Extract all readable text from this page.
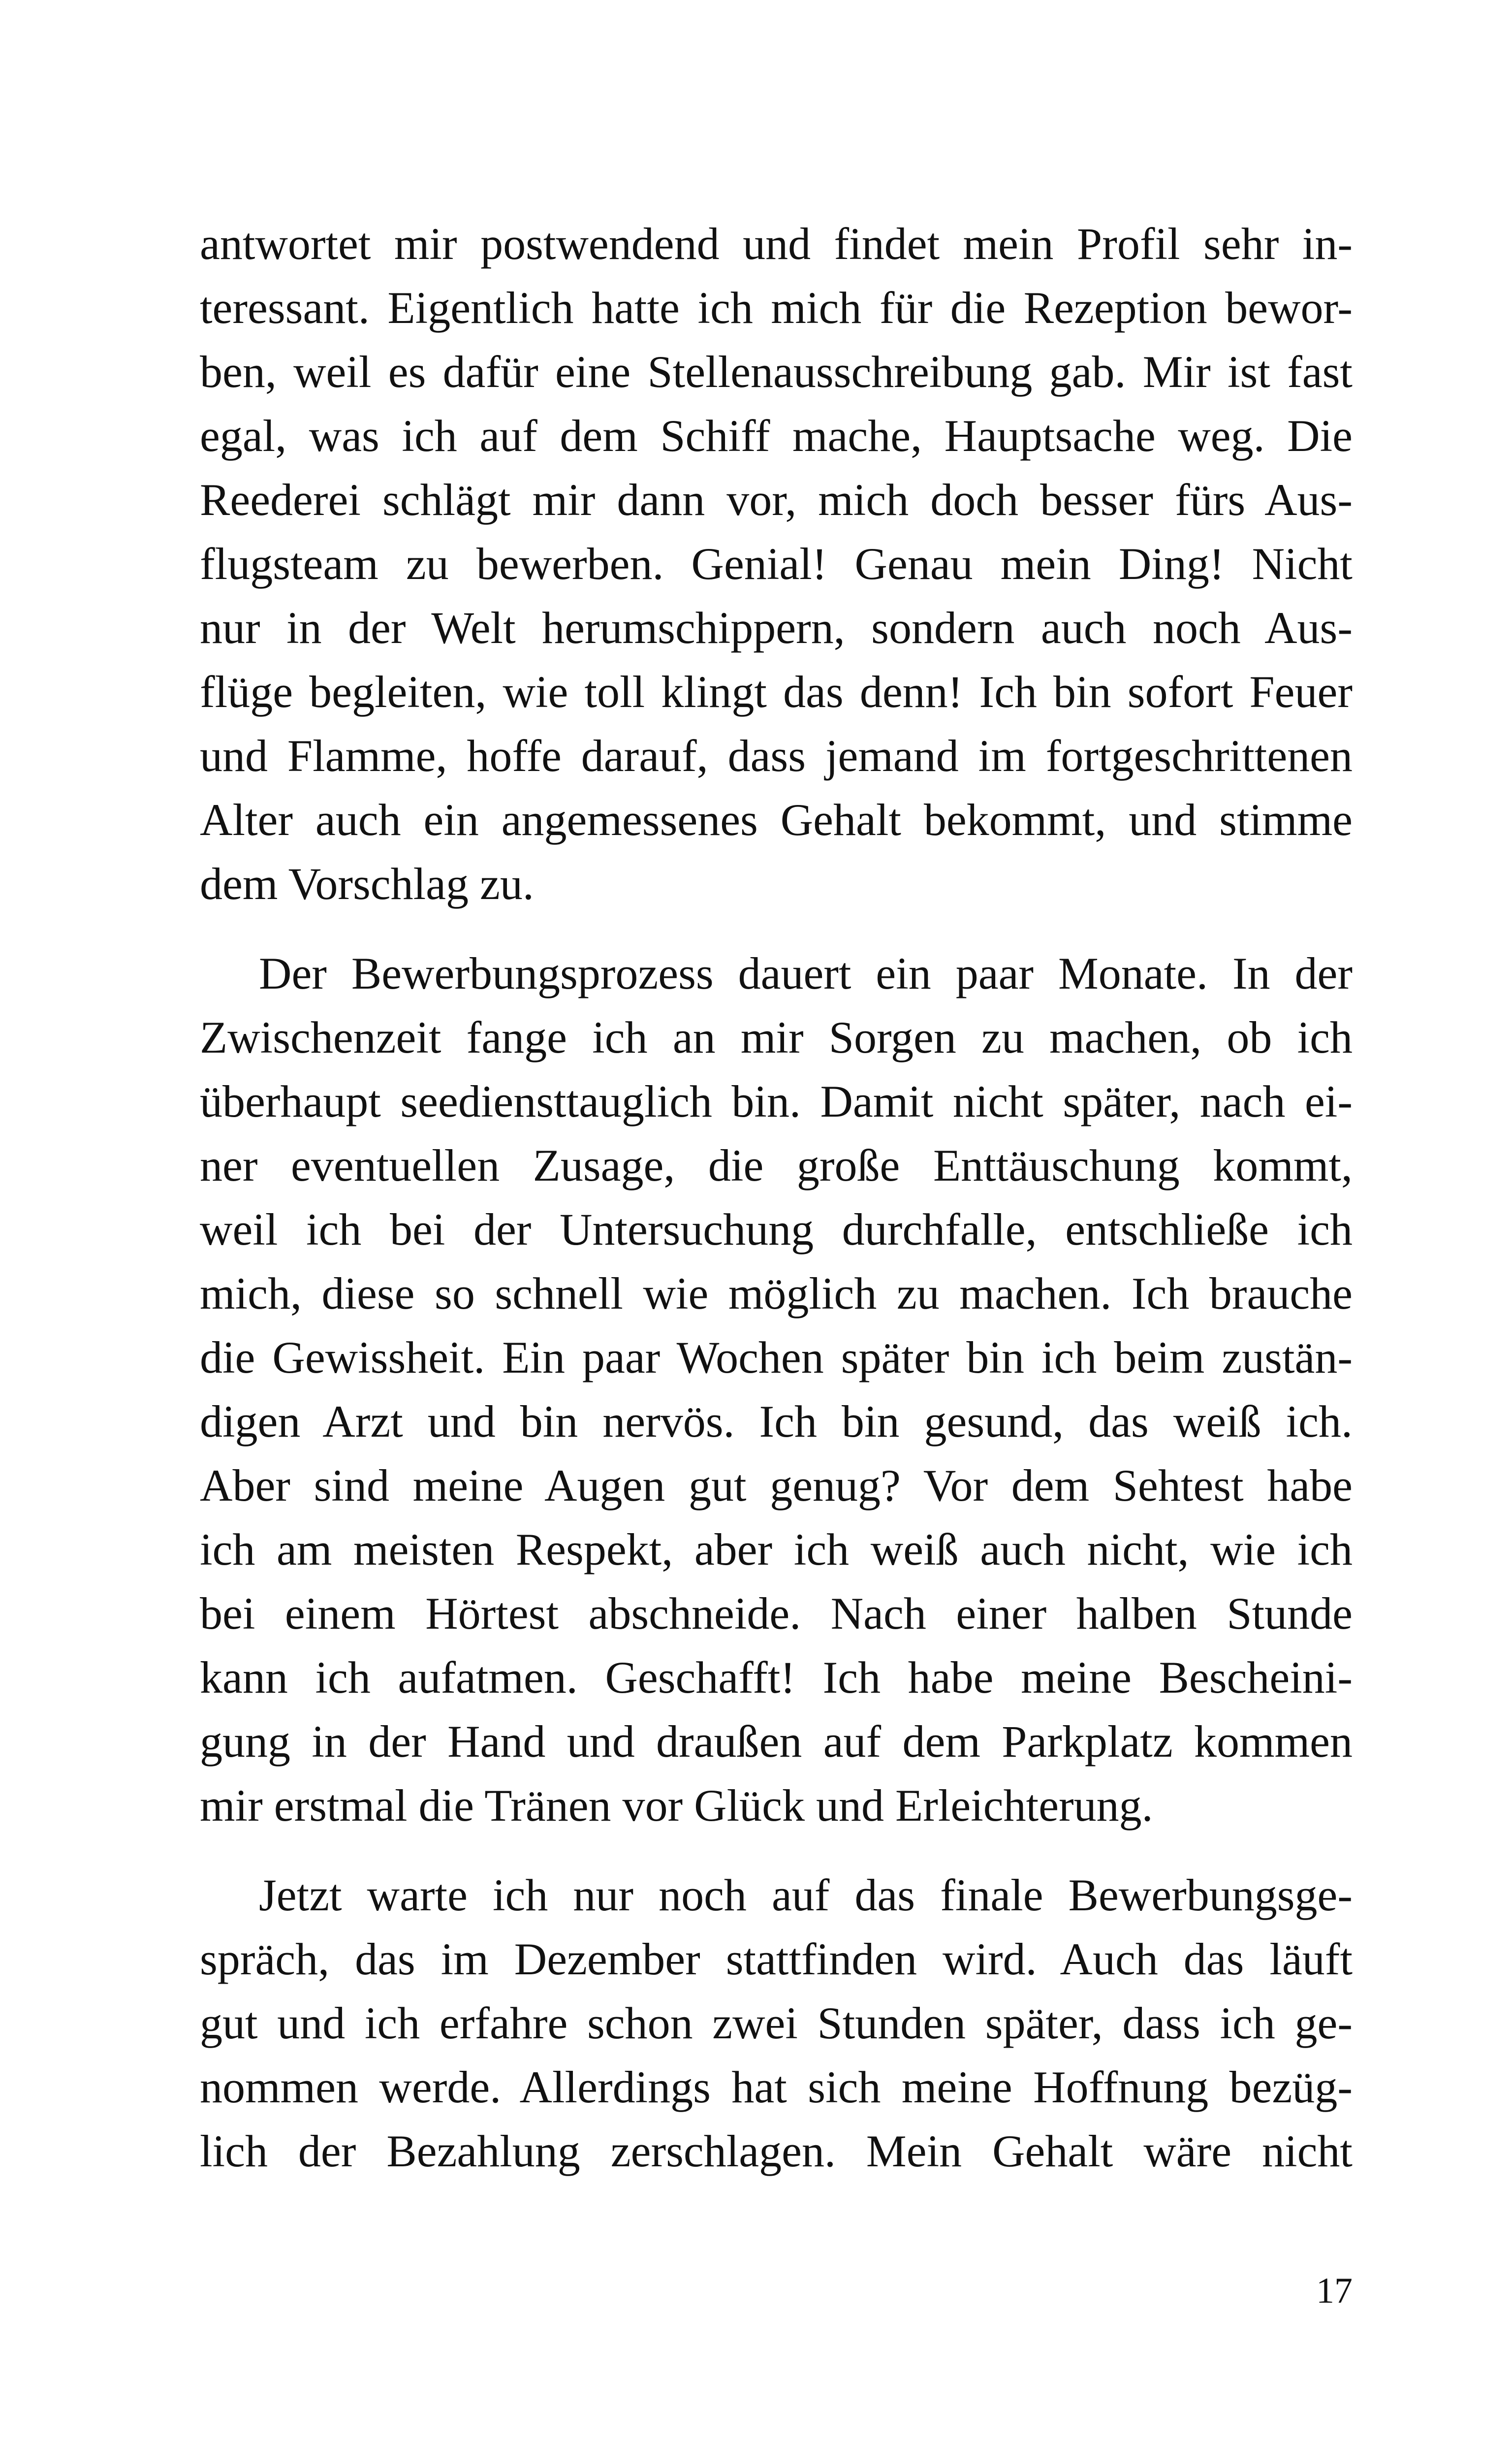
antwortet mir postwendend und findet mein Profil sehr in-
teressant. Eigentlich hatte ich mich für die Rezeption bewor-
ben, weil es dafür eine Stellenausschreibung gab. Mir ist fast
egal, was ich auf dem Schiff mache, Hauptsache weg. Die
Reederei schlägt mir dann vor, mich doch besser fürs Aus-
flugsteam zu bewerben. Genial! Genau mein Ding! Nicht
nur in der Welt herumschippern, sondern auch noch Aus-
flüge begleiten, wie toll klingt das denn! Ich bin sofort Feuer
und Flamme, hoffe darauf, dass jemand im fortgeschrittenen
Alter auch ein angemessenes Gehalt bekommt, und stimme
dem Vorschlag zu.

Der Bewerbungsprozess dauert ein paar Monate. In der
Zwischenzeit fange ich an mir Sorgen zu machen, ob ich
überhaupt seediensttauglich bin. Damit nicht später, nach ei-
ner eventuellen Zusage, die große Enttäuschung kommt,
weil ich bei der Untersuchung durchfalle, entschließe ich
mich, diese so schnell wie möglich zu machen. Ich brauche
die Gewissheit. Ein paar Wochen später bin ich beim zustän-
digen Arzt und bin nervös. Ich bin gesund, das weiß ich.
Aber sind meine Augen gut genug? Vor dem Sehtest habe
ich am meisten Respekt, aber ich weiß auch nicht, wie ich
bei einem Hörtest abschneide. Nach einer halben Stunde
kann ich aufatmen. Geschafft! Ich habe meine Bescheini-
gung in der Hand und draußen auf dem Parkplatz kommen
mir erstmal die Tränen vor Glück und Erleichterung.

Jetzt warte ich nur noch auf das finale Bewerbungsge-
spräch, das im Dezember stattfinden wird. Auch das läuft
gut und ich erfahre schon zwei Stunden später, dass ich ge-
nommen werde. Allerdings hat sich meine Hoffnung bezüg-
lich der Bezahlung zerschlagen. Mein Gehalt wäre nicht

17
